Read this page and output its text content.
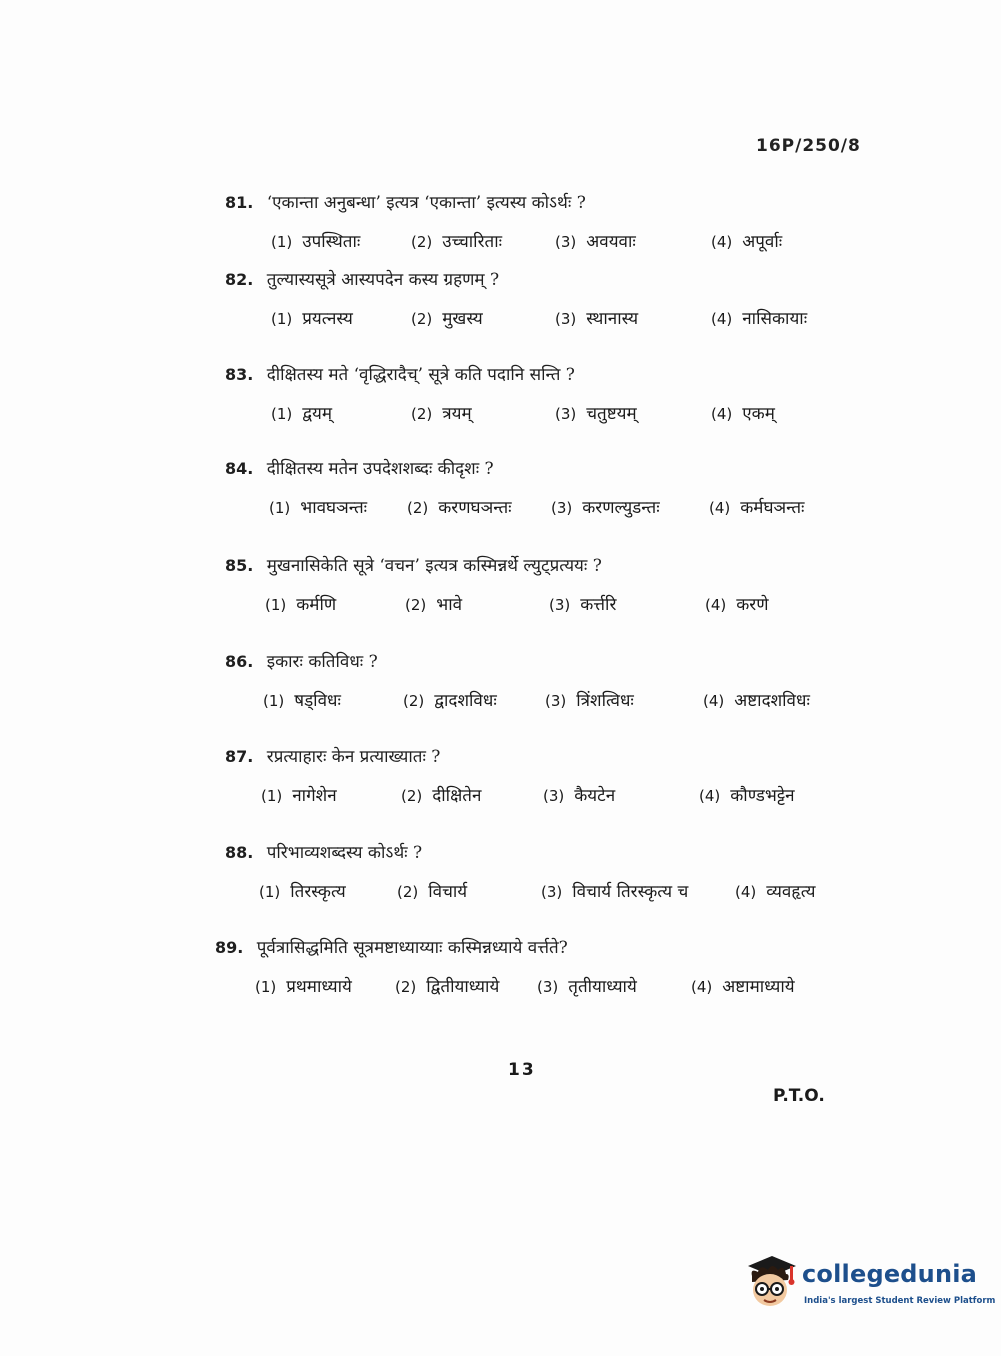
16P/250/8
81. ‘एकान्ता अनुबन्धा’ इत्यत्र ‘एकान्ता’ इत्यस्य कोऽर्थः ?
(1) उपस्थिताः	(2) उच्चारिताः	(3) अवयवाः	(4) अपूर्वाः
82. तुल्यास्यसूत्रे आस्यपदेन कस्य ग्रहणम् ?
(1) प्रयत्नस्य	(2) मुखस्य	(3) स्थानास्य	(4) नासिकायाः
83. दीक्षितस्य मते ‘वृद्धिरादैच्’ सूत्रे कति पदानि सन्ति ?
(1) द्वयम्	(2) त्रयम्	(3) चतुष्टयम्	(4) एकम्
84. दीक्षितस्य मतेन उपदेशशब्दः कीदृशः ?
(1) भावघञन्तः	(2) करणघञन्तः	(3) करणल्युडन्तः	(4) कर्मघञन्तः
85. मुखनासिकेति सूत्रे ‘वचन’ इत्यत्र कस्मिन्नर्थे ल्युट्प्रत्ययः ?
(1) कर्मणि	(2) भावे	(3) कर्त्तरि	(4) करणे
86. इकारः कतिविधः ?
(1) षड्विधः	(2) द्वादशविधः	(3) त्रिंशत्विधः	(4) अष्टादशविधः
87. रप्रत्याहारः केन प्रत्याख्यातः ?
(1) नागेशेन	(2) दीक्षितेन	(3) कैयटेन	(4) कौण्डभट्टेन
88. परिभाव्यशब्दस्य कोऽर्थः ?
(1) तिरस्कृत्य	(2) विचार्य	(3) विचार्य तिरस्कृत्य च	(4) व्यवहृत्य
89. पूर्वत्रासिद्धमिति सूत्रमष्टाध्याय्याः कस्मिन्नध्याये वर्त्तते?
(1) प्रथमाध्याये	(2) द्वितीयाध्याये	(3) तृतीयाध्याये	(4) अष्टामाध्याये
13
P.T.O.
collegedunia
India's largest Student Review Platform
